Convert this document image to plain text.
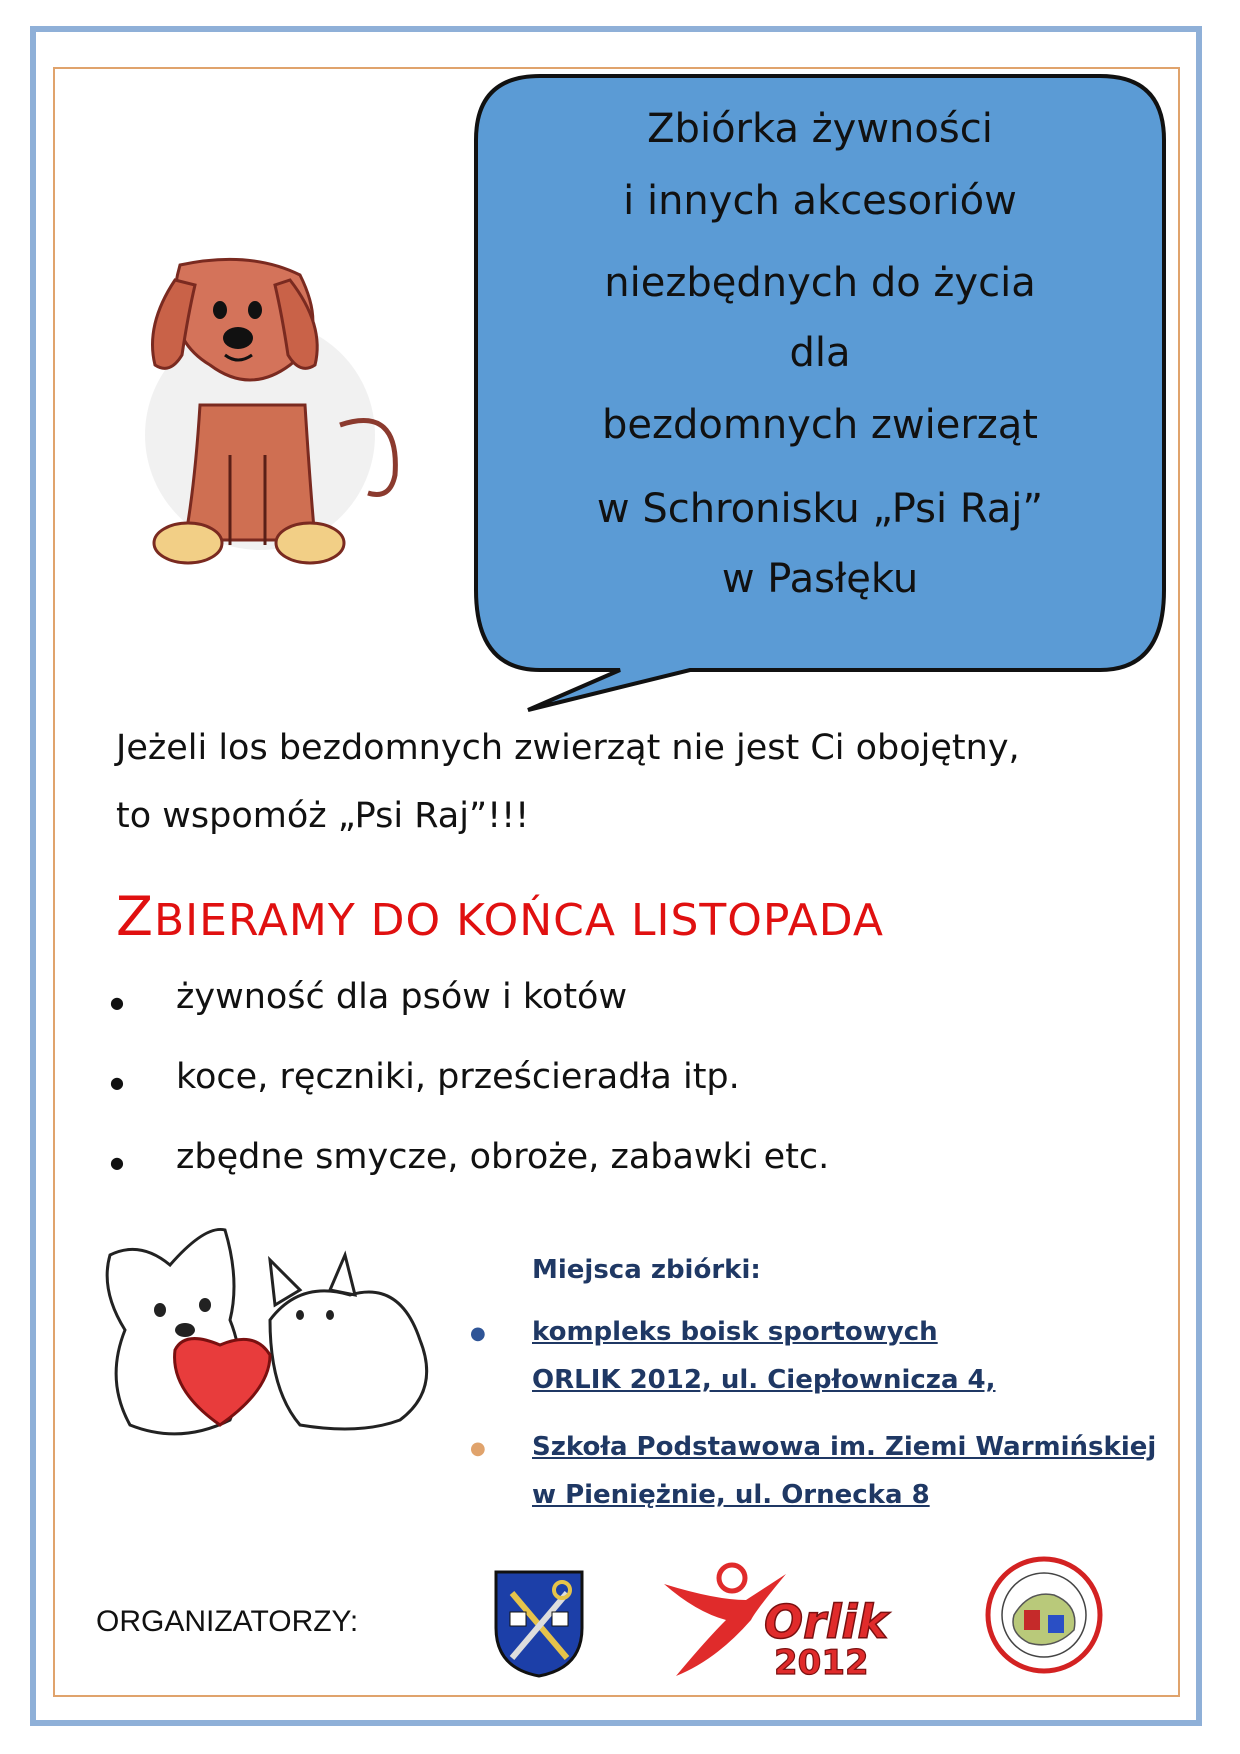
Zbiórka żywności
i innych akcesoriów
niezbędnych do życia
dla
bezdomnych zwierząt
w Schronisku „Psi Raj”
w Pasłęku
Jeżeli los bezdomnych zwierząt nie jest Ci obojętny,
to wspomóż „Psi Raj”!!!
ZBIERAMY DO KOŃCA LISTOPADA
● żywność dla psów i kotów
● koce, ręczniki, prześcieradła itp.
● zbędne smycze, obroże, zabawki etc.
Miejsca zbiórki:
● kompleks boisk sportowych
ORLIK 2012, ul. Ciepłownicza 4,
● Szkoła Podstawowa im. Ziemi Warmińskiej
w Pieniężnie, ul. Ornecka 8
ORGANIZATORZY:	Orlik
2012
